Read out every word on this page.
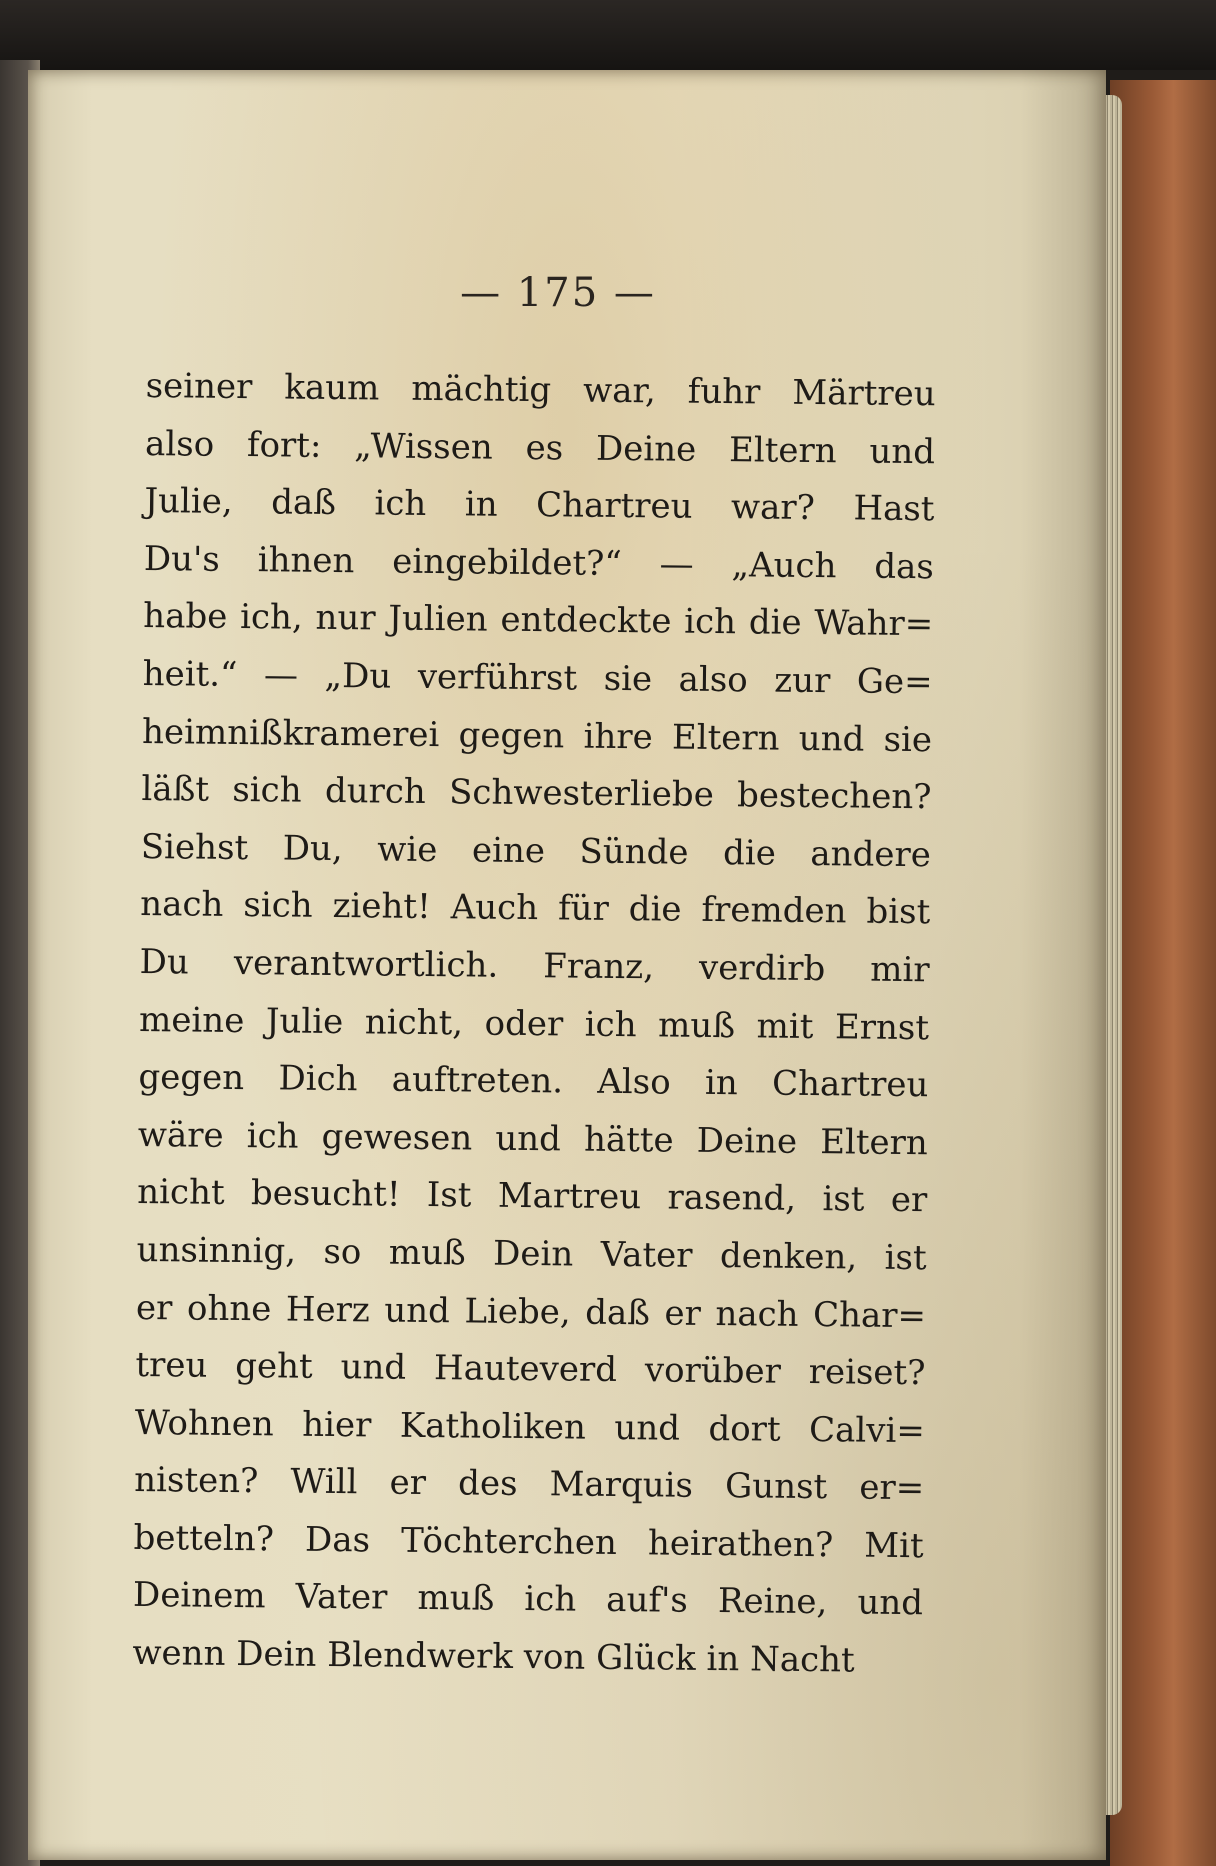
— 175 —
seiner kaum mächtig war, fuhr Märtreu
also fort: „Wissen es Deine Eltern und
Julie, daß ich in Chartreu war? Hast
Du's ihnen eingebildet?“ — „Auch das
habe ich, nur Julien entdeckte ich die Wahr=
heit.“ — „Du verführst sie also zur Ge=
heimnißkramerei gegen ihre Eltern und sie
läßt sich durch Schwesterliebe bestechen?
Siehst Du, wie eine Sünde die andere
nach sich zieht! Auch für die fremden bist
Du verantwortlich. Franz, verdirb mir
meine Julie nicht, oder ich muß mit Ernst
gegen Dich auftreten. Also in Chartreu
wäre ich gewesen und hätte Deine Eltern
nicht besucht! Ist Martreu rasend, ist er
unsinnig, so muß Dein Vater denken, ist
er ohne Herz und Liebe, daß er nach Char=
treu geht und Hauteverd vorüber reiset?
Wohnen hier Katholiken und dort Calvi=
nisten? Will er des Marquis Gunst er=
betteln? Das Töchterchen heirathen? Mit
Deinem Vater muß ich auf's Reine, und
wenn Dein Blendwerk von Glück in Nacht
